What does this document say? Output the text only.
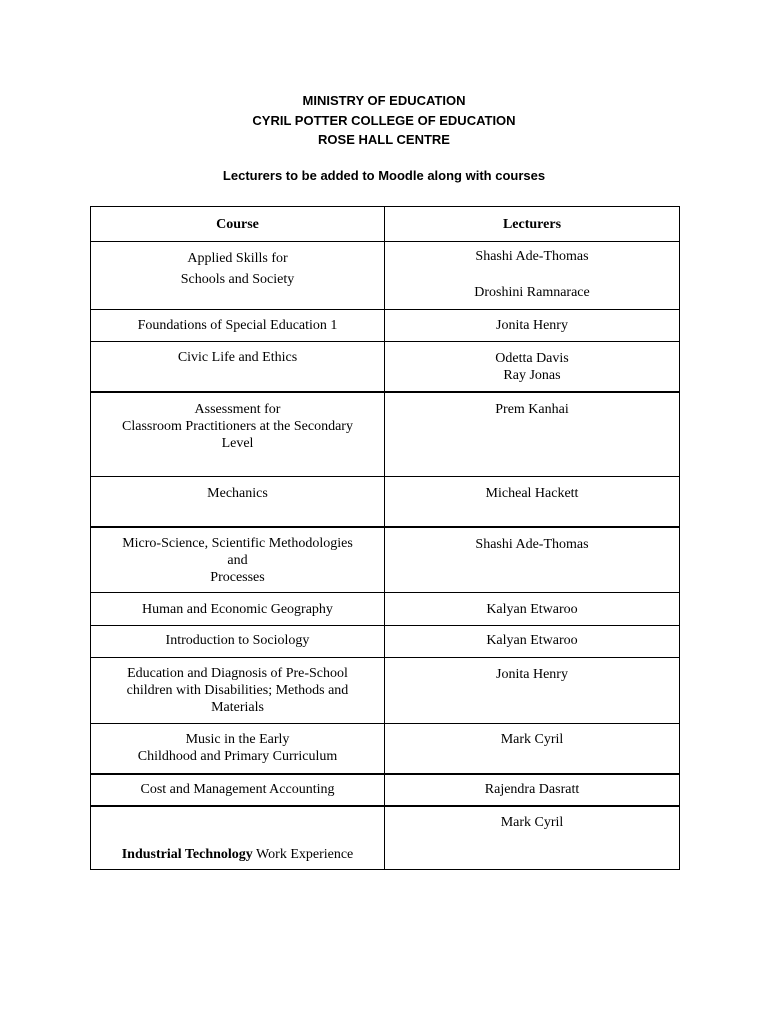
MINISTRY OF EDUCATION
CYRIL POTTER COLLEGE OF EDUCATION
ROSE HALL CENTRE
Lecturers to be added to Moodle along with courses
Course	Lecturers

Applied Skills for
Schools and Society	Shashi Ade-Thomas
Droshini Ramnarace

Foundations of Special Education 1	Jonita Henry
Civic Life and Ethics	Odetta Davis
Ray Jonas

Assessment for
Classroom Practitioners at the Secondary
Level	Prem Kanhai
Mechanics	Micheal Hackett

Micro-Science, Scientific Methodologies
and
Processes	Shashi Ade-Thomas
Human and Economic Geography	Kalyan Etwaroo
Introduction to Sociology	Kalyan Etwaroo

Education and Diagnosis of Pre-School
children with Disabilities; Methods and
Materials	Jonita Henry

Music in the Early
Childhood and Primary Curriculum	Mark Cyril
Cost and Management Accounting	Rajendra Dasratt
Industrial Technology Work Experience	Mark Cyril
